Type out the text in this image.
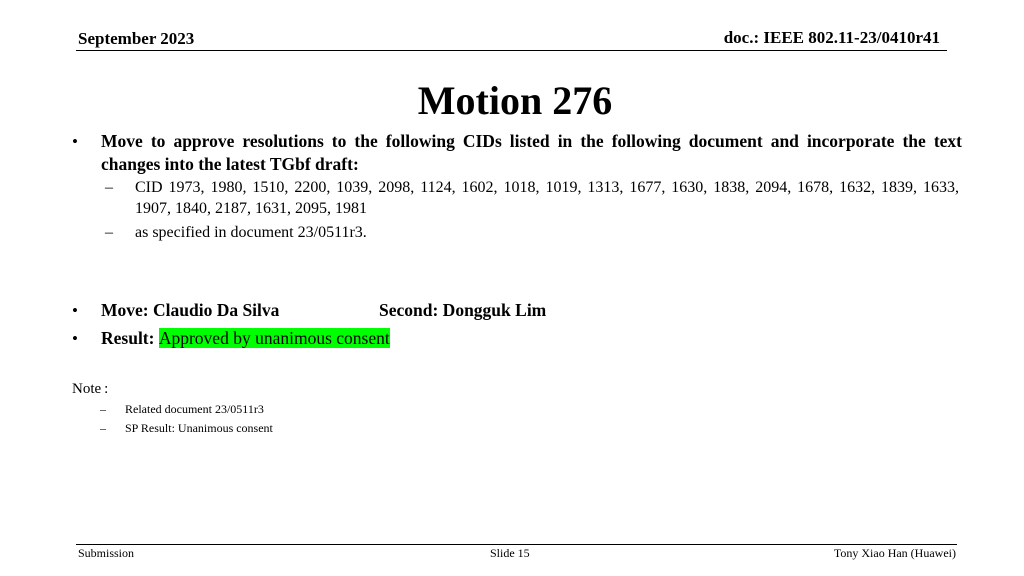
September 2023	doc.: IEEE 802.11-23/0410r41
Motion 276
•	Move to approve resolutions to the following CIDs listed in the following document and incorporate the text changes into the latest TGbf draft:
–	CID 1973, 1980, 1510, 2200, 1039, 2098, 1124, 1602, 1018, 1019, 1313, 1677, 1630, 1838, 2094, 1678, 1632, 1839, 1633, 1907, 1840, 2187, 1631, 2095, 1981
–	as specified in document 23/0511r3.
•	Move: Claudio Da Silva	Second: Dongguk Lim
•	Result: Approved by unanimous consent
Note :
–	Related document 23/0511r3
–	SP Result: Unanimous consent
Submission	Slide 15	Tony Xiao Han (Huawei)
